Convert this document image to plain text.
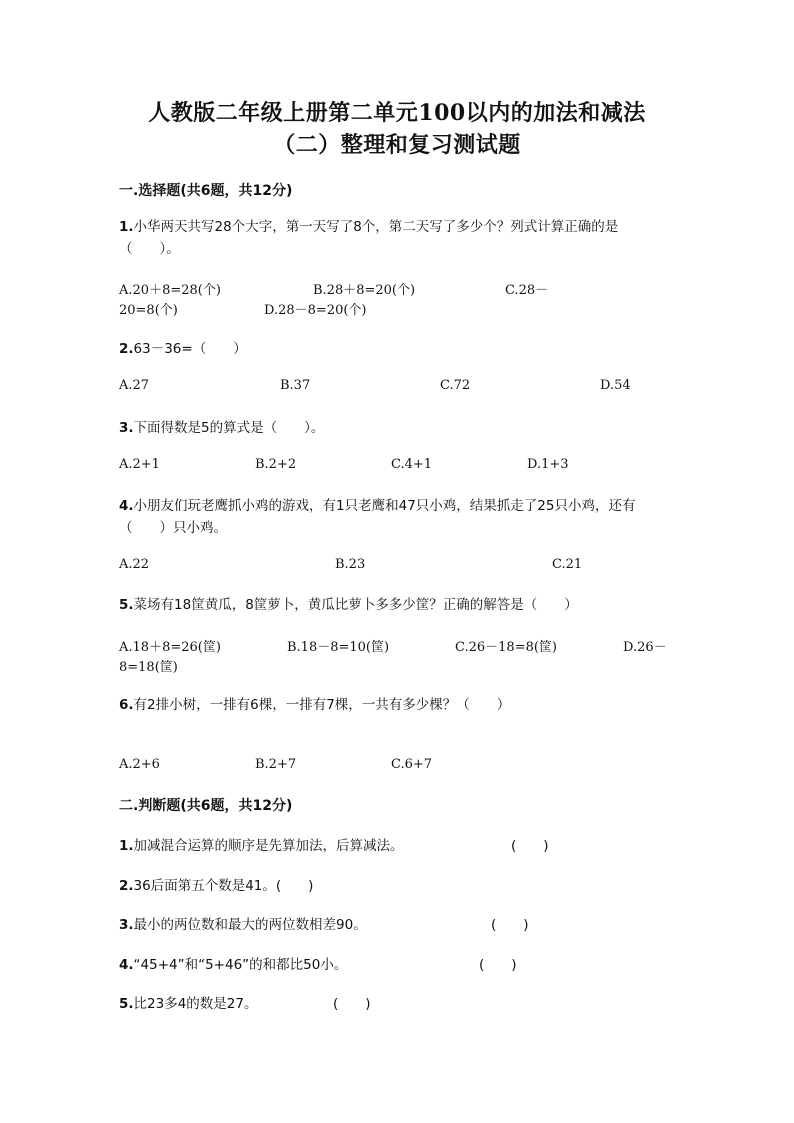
人教版二年级上册第二单元100以内的加法和减法
（二）整理和复习测试题
一.选择题(共6题，共12分)
1.小华两天共写28个大字，第一天写了8个，第二天写了多少个？列式计算正确的是（　　）。
A.20＋8=28(个)	B.28＋8=20(个)	C.28－
20=8(个)	D.28－8=20(个)
2.63－36=（　　）
A.27	B.37	C.72	D.54
3.下面得数是5的算式是（　　）。
A.2+1	B.2+2	C.4+1	D.1+3
4.小朋友们玩老鹰抓小鸡的游戏，有1只老鹰和47只小鸡，结果抓走了25只小鸡，还有（　　）只小鸡。
A.22	B.23	C.21
5.菜场有18筐黄瓜，8筐萝卜，黄瓜比萝卜多多少筐？正确的解答是（　　）
A.18＋8=26(筐)	B.18－8=10(筐)	C.26－18=8(筐)	D.26－
8=18(筐)
6.有2排小树，一排有6棵，一排有7棵，一共有多少棵？（　　）
A.2+6	B.2+7	C.6+7
二.判断题(共6题，共12分)
1.加减混合运算的顺序是先算加法，后算减法。	(　　)
2.36后面第五个数是41。(　　)
3.最小的两位数和最大的两位数相差90。	(　　)
4.“45+4”和“5+46”的和都比50小。	(　　)
5.比23多4的数是27。	(　　)
